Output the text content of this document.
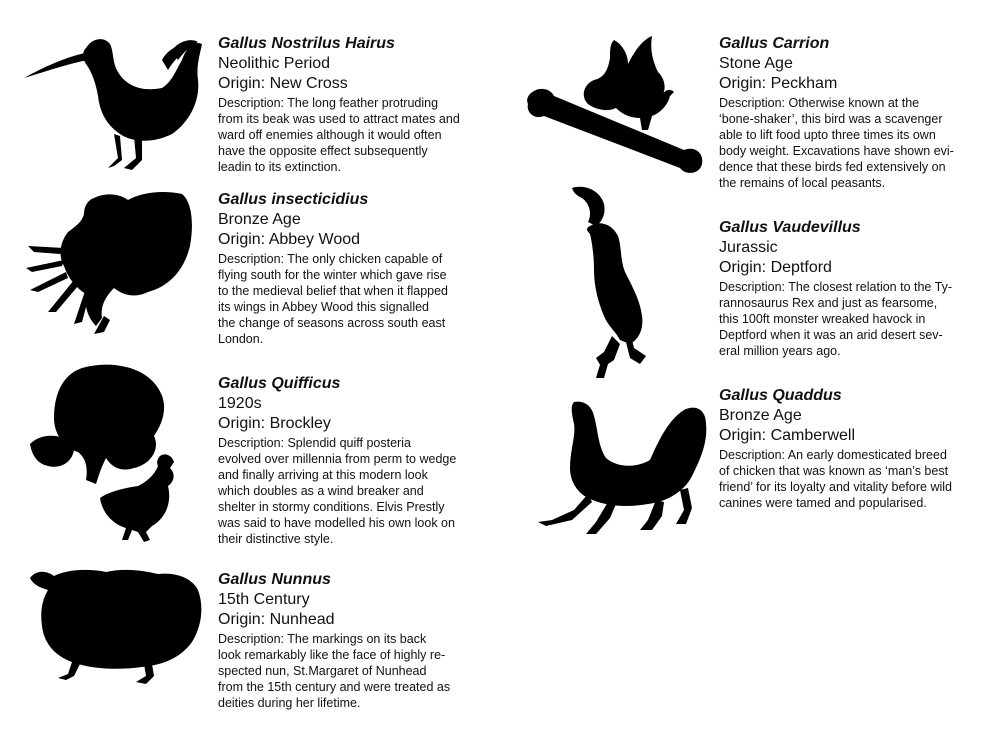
Gallus Nostrilus Hairus
Neolithic Period
Origin: New Cross
Description: The long feather protruding
from its beak was used to attract mates and
ward off enemies although it would often
have the opposite effect subsequently
leadin to its extinction.
Gallus insecticidius
Bronze Age
Origin: Abbey Wood
Description: The only chicken capable of
flying south for the winter which gave rise
to the medieval belief that when it flapped
its wings in Abbey Wood this signalled
the change of seasons across south east
London.
Gallus Quifficus
1920s
Origin: Brockley
Description: Splendid quiff posteria
evolved over millennia from perm to wedge
and finally arriving at this modern look
which doubles as a wind breaker and
shelter in stormy conditions. Elvis Prestly
was said to have modelled his own look on
their distinctive style.
Gallus Nunnus
15th Century
Origin: Nunhead
Description: The markings on its back
look remarkably like the face of highly re-
spected nun, St.Margaret of Nunhead
from the 15th century and were treated as
deities during her lifetime.
Gallus Carrion
Stone Age
Origin: Peckham
Description: Otherwise known at the
‘bone-shaker’, this bird was a scavenger
able to lift food upto three times its own
body weight. Excavations have shown evi-
dence that these birds fed extensively on
the remains of local peasants.
Gallus Vaudevillus
Jurassic
Origin: Deptford
Description: The closest relation to the Ty-
rannosaurus Rex and just as fearsome,
this 100ft monster wreaked havock in
Deptford when it was an arid desert sev-
eral million years ago.
Gallus Quaddus
Bronze Age
Origin: Camberwell
Description: An early domesticated breed
of chicken that was known as ‘man’s best
friend’ for its loyalty and vitality before wild
canines were tamed and popularised.
